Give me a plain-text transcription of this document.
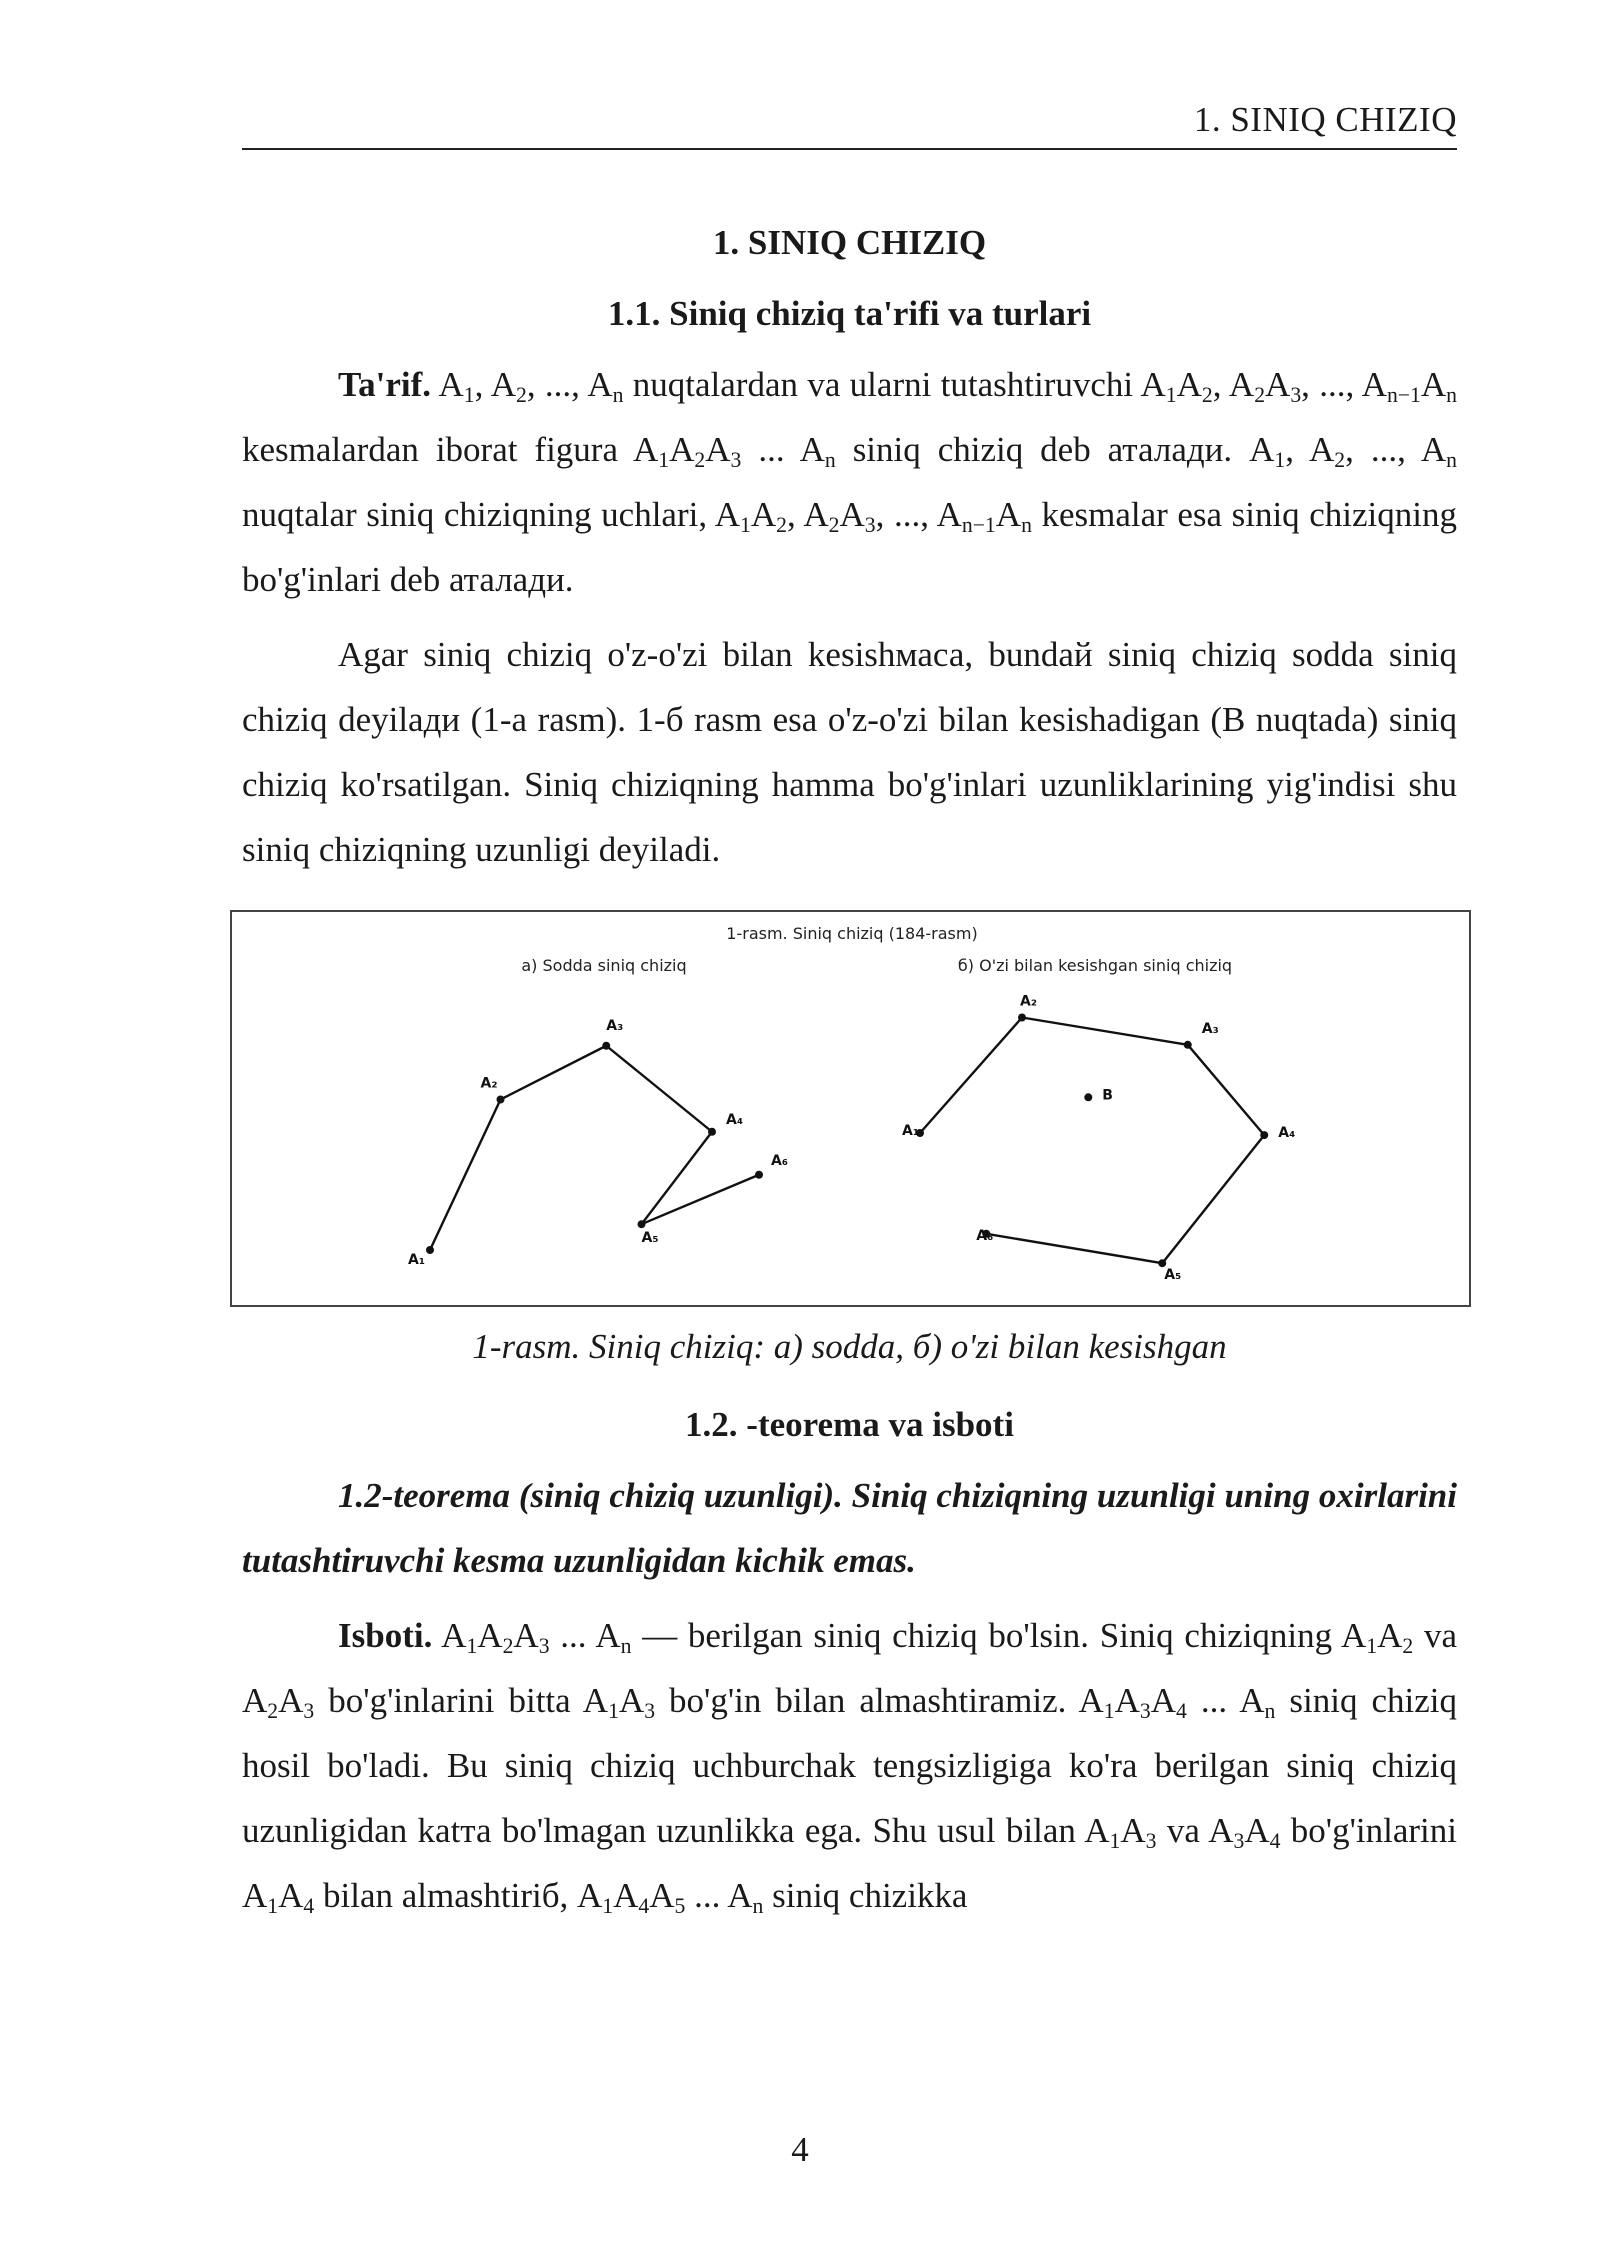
1. SINIQ CHIZIQ
1. SINIQ CHIZIQ
1.1. Siniq chiziq ta'rifi va turlari

Ta'rif. $A_1$, $A_2$, ..., $A_n$ nuqtalardan va ularni tutashtiruvchi $A_1A_2$, $A_2A_3$, ..., $A_{n-1}A_n$ kesmalardan iborat figura $A_1A_2A_3$ ... $A_n$ siniq chiziq deb аталади. $A_1$, $A_2$, ..., $A_n$ nuqtalar siniq chiziqning uchlari, $A_1A_2$, $A_2A_3$, ..., $A_{n-1}A_n$ kesmalar esa siniq chiziqning bo'g'inlari deb аталади.

Agar siniq chiziq o'z-o'zi bilan kesishмаса, bundaй siniq chiziq sodda siniq chiziq deyilади (1-a rasm). 1-б rasm esa o'z-o'zi bilan kesishadigan (B nuqtada) siniq chiziq ko'rsatilgan. Siniq chiziqning hamma bo'g'inlari uzunliklarining yig'indisi shu siniq chiziqning uzunligi deyiladi.

1-rasm. Siniq chiziq (184-rasm)
a) Sodda siniq chiziq	б) O'zi bilan kesishgan siniq chiziq
A₁
A₂
A₃
A₄
A₅
A₆
A₁
A₂
A₃
A₄
A₅
A₆
B
1-rasm. Siniq chiziq: а) sodda, б) o'zi bilan kesishgan
1.2. -teorema va isboti

1.2-teorema (siniq chiziq uzunligi). Siniq chiziqning uzunligi uning oxirlarini tutashtiruvchi kesma uzunligidan kichik emas.

Isboti. $A_1A_2A_3$ ... $A_n$ — berilgan siniq chiziq bo'lsin. Siniq chiziqning $A_1A_2$ va $A_2A_3$ bo'g'inlarini bitta $A_1A_3$ bo'g'in bilan almashtiramiz. $A_1A_3A_4$ ... $A_n$ siniq chiziq hosil bo'ladi. Bu siniq chiziq uchburchak tengsizligiga ko'ra berilgan siniq chiziq uzunligidan katта bo'lmagan uzunlikka ega. Shu usul bilan $A_1A_3$ va $A_3A_4$ bo'g'inlarini $A_1A_4$ bilan almashtiriб, $A_1A_4A_5$ ... $A_n$ siniq chizikka

4
